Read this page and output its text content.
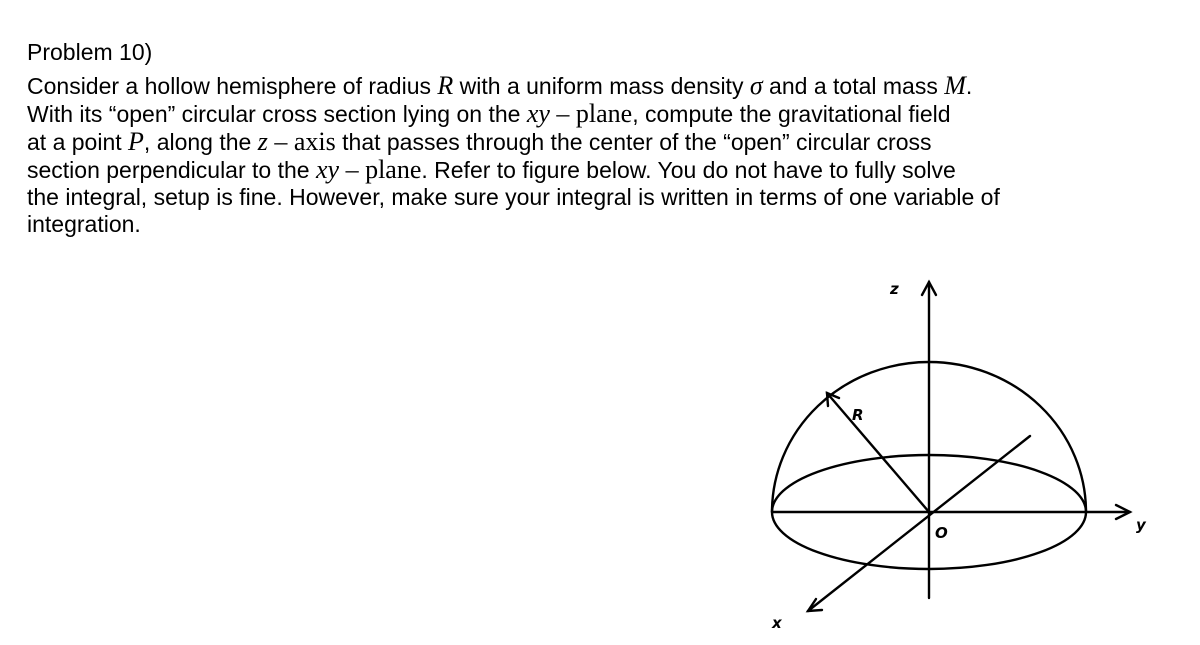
Problem 10)
Consider a hollow hemisphere of radius R with a uniform mass density σ and a total mass M.
With its “open” circular cross section lying on the xy – plane, compute the gravitational field
at a point P, along the z – axis that passes through the center of the “open” circular cross
section perpendicular to the xy – plane. Refer to figure below. You do not have to fully solve
the integral, setup is fine. However, make sure your integral is written in terms of one variable of
integration.
z
y
x
R
O
